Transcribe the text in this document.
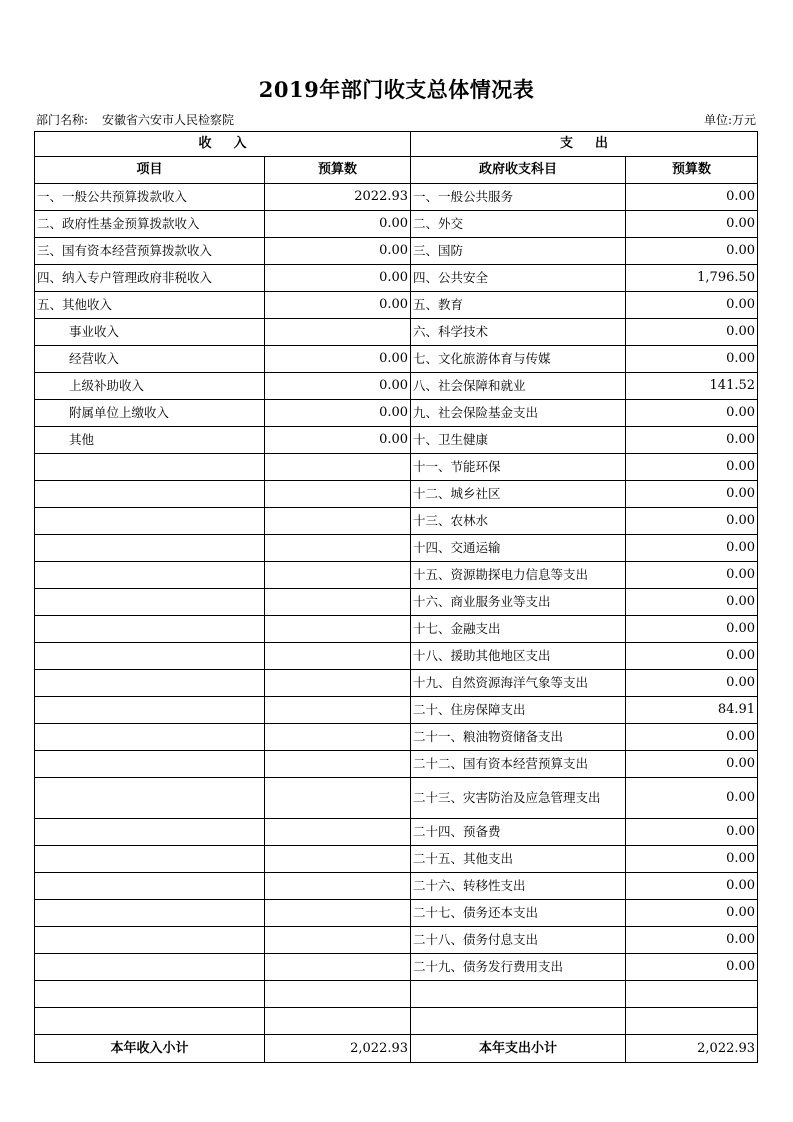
2019年部门收支总体情况表
部门名称: 安徽省六安市人民检察院	单位:万元
收入		支出	
项目	预算数	政府收支科目	预算数
一、一般公共预算拨款收入	2022.93	一、一般公共服务	0.00
二、政府性基金预算拨款收入	0.00	二、外交	0.00
三、国有资本经营预算拨款收入	0.00	三、国防	0.00
四、纳入专户管理政府非税收入	0.00	四、公共安全	1,796.50
五、其他收入	0.00	五、教育	0.00
事业收入		六、科学技术	0.00
经营收入	0.00	七、文化旅游体育与传媒	0.00
上级补助收入	0.00	八、社会保障和就业	141.52
附属单位上缴收入	0.00	九、社会保险基金支出	0.00
其他	0.00	十、卫生健康	0.00
		十一、节能环保	0.00
		十二、城乡社区	0.00
		十三、农林水	0.00
		十四、交通运输	0.00
		十五、资源勘探电力信息等支出	0.00
		十六、商业服务业等支出	0.00
		十七、金融支出	0.00
		十八、援助其他地区支出	0.00
		十九、自然资源海洋气象等支出	0.00
		二十、住房保障支出	84.91
		二十一、粮油物资储备支出	0.00
		二十二、国有资本经营预算支出	0.00
		二十三、灾害防治及应急管理支出	0.00
		二十四、预备费	0.00
		二十五、其他支出	0.00
		二十六、转移性支出	0.00
		二十七、债务还本支出	0.00
		二十八、债务付息支出	0.00
		二十九、债务发行费用支出	0.00

本年收入小计	2,022.93	本年支出小计	2,022.93
